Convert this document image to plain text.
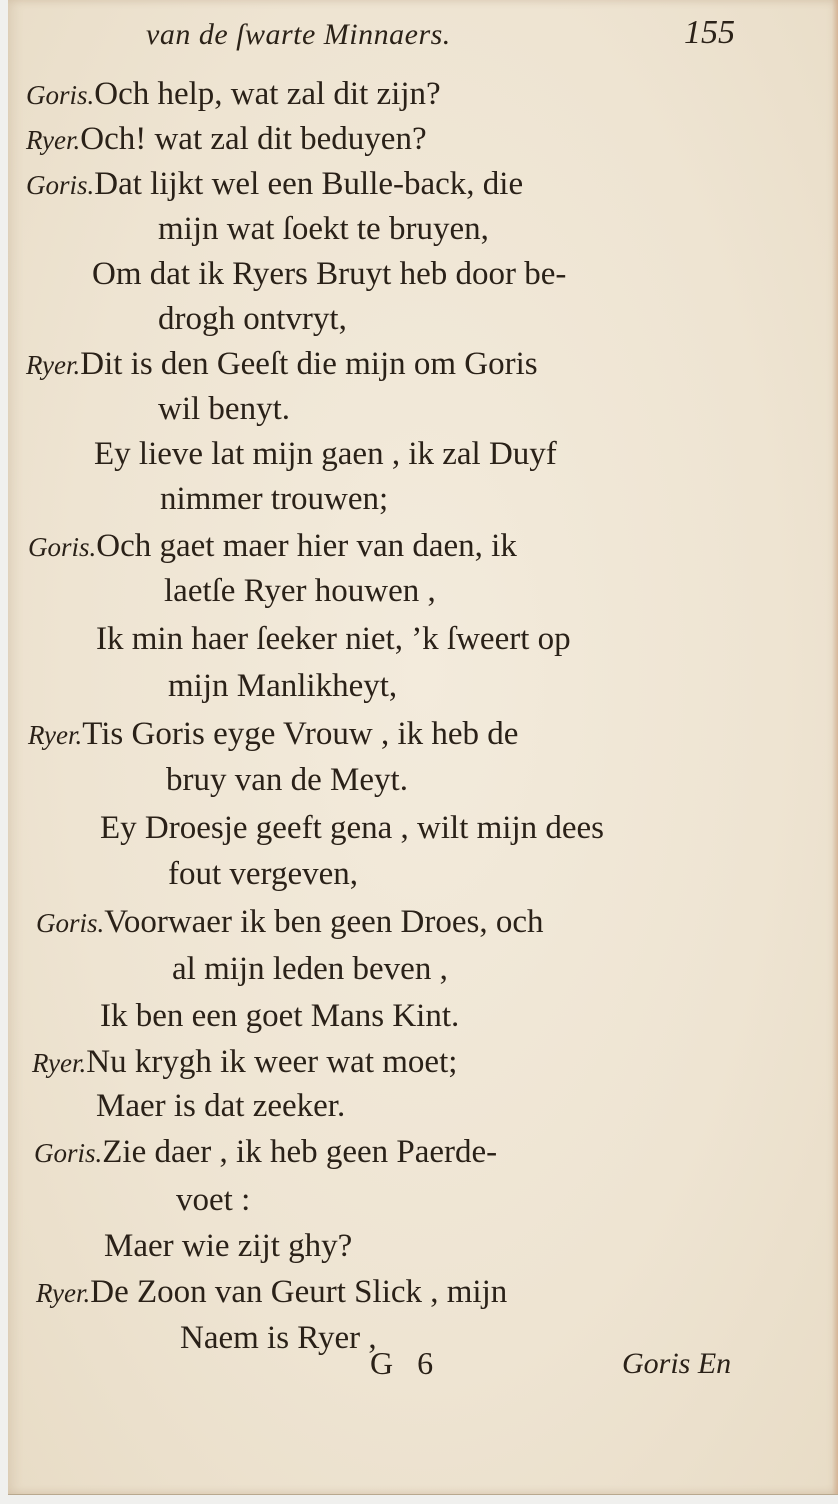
van de ſwarte Minnaers.	155
Goris.Och help, wat zal dit zijn?
Ryer.Och! wat zal dit beduyen?
Goris.Dat lijkt wel een Bulle-back, die
mijn wat ſoekt te bruyen,
Om dat ik Ryers Bruyt heb door be-
drogh ontvryt,
Ryer.Dit is den Geeſt die mijn om Goris
wil benyt.
Ey lieve lat mijn gaen , ik zal Duyf
nimmer trouwen;
Goris.Och gaet maer hier van daen, ik
laetſe Ryer houwen ,
Ik min haer ſeeker niet, ’k ſweert op
mijn Manlikheyt,
Ryer.Tis Goris eyge Vrouw , ik heb de
bruy van de Meyt.
Ey Droesje geeft gena , wilt mijn dees
fout vergeven,
Goris.Voorwaer ik ben geen Droes, och
al mijn leden beven ,
Ik ben een goet Mans Kint.
Ryer.Nu krygh ik weer wat moet;
Maer is dat zeeker.
Goris.Zie daer , ik heb geen Paerde-
voet :
Maer wie zijt ghy?
Ryer.De Zoon van Geurt Slick , mijn
Naem is Ryer ,
G 6	Goris En
